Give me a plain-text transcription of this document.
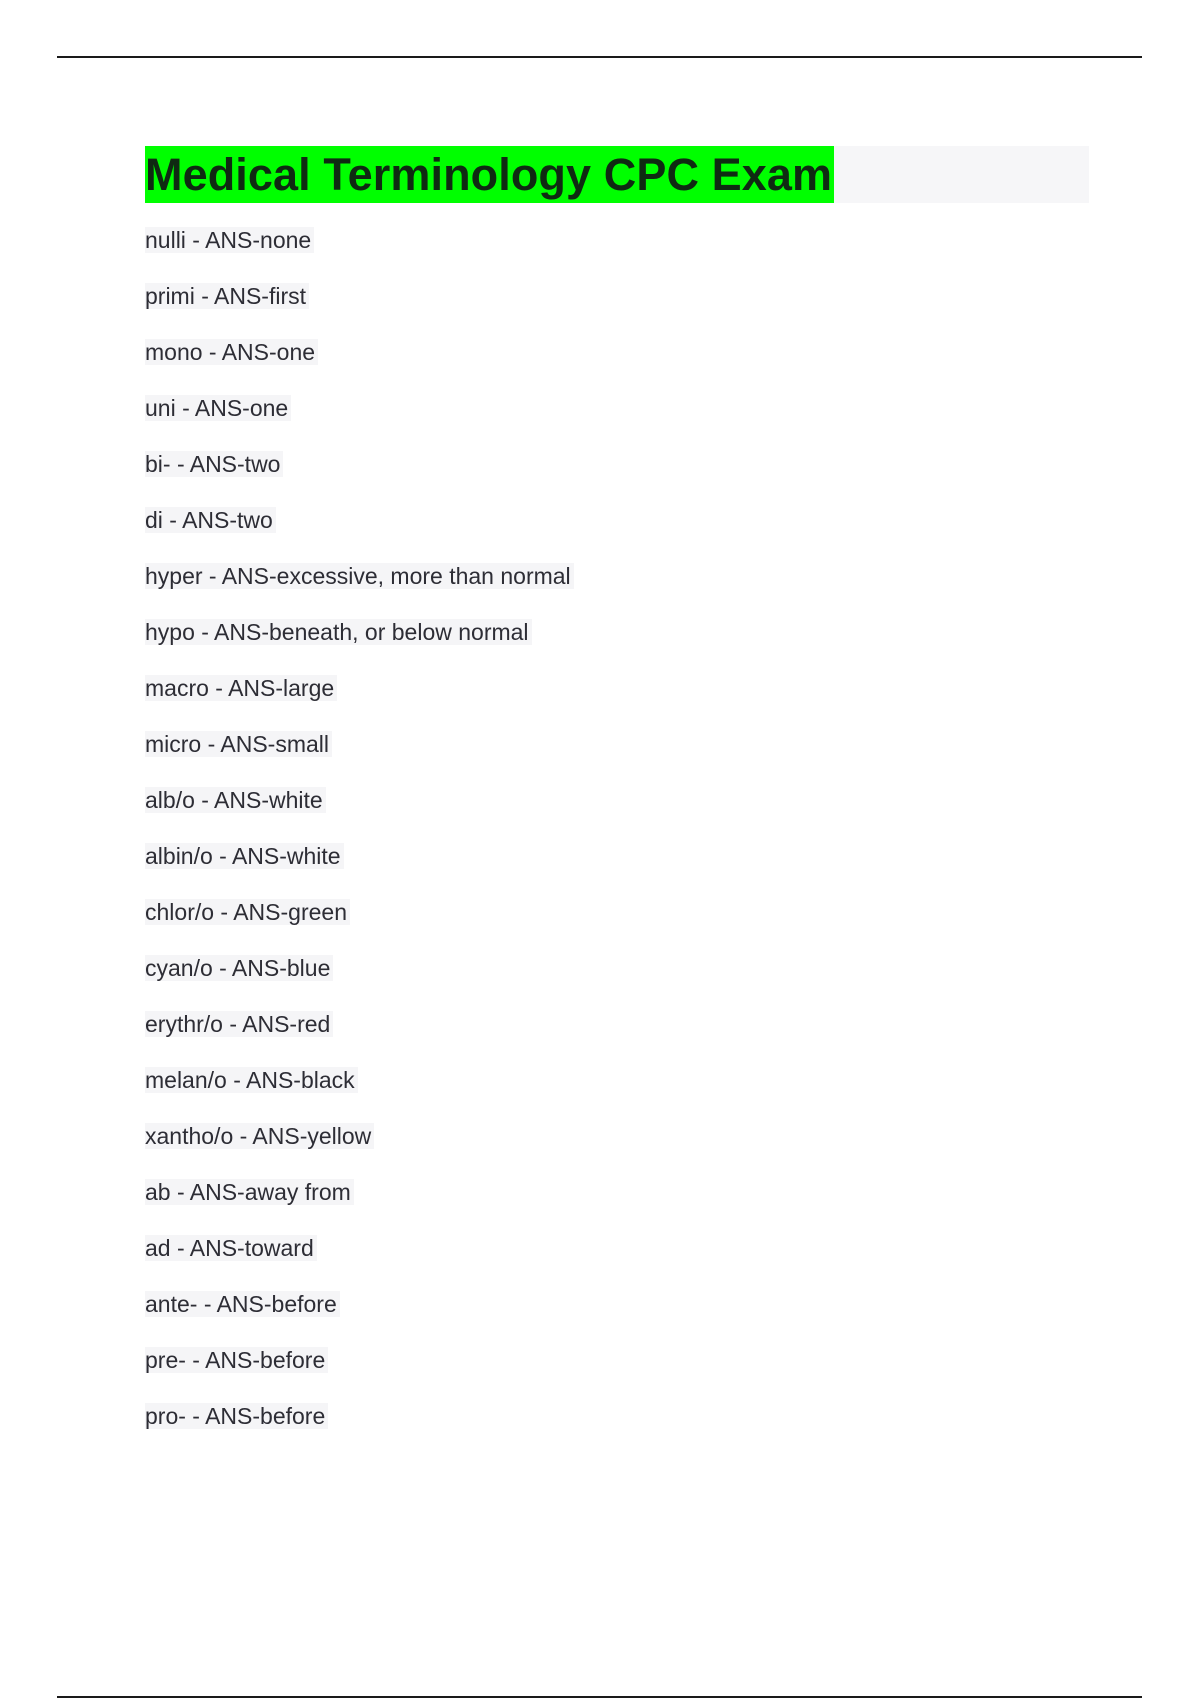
Medical Terminology CPC Exam
nulli - ANS-none
primi - ANS-first
mono - ANS-one
uni - ANS-one
bi- - ANS-two
di - ANS-two
hyper - ANS-excessive, more than normal
hypo - ANS-beneath, or below normal
macro - ANS-large
micro - ANS-small
alb/o - ANS-white
albin/o - ANS-white
chlor/o - ANS-green
cyan/o - ANS-blue
erythr/o - ANS-red
melan/o - ANS-black
xantho/o - ANS-yellow
ab - ANS-away from
ad - ANS-toward
ante- - ANS-before
pre- - ANS-before
pro- - ANS-before
